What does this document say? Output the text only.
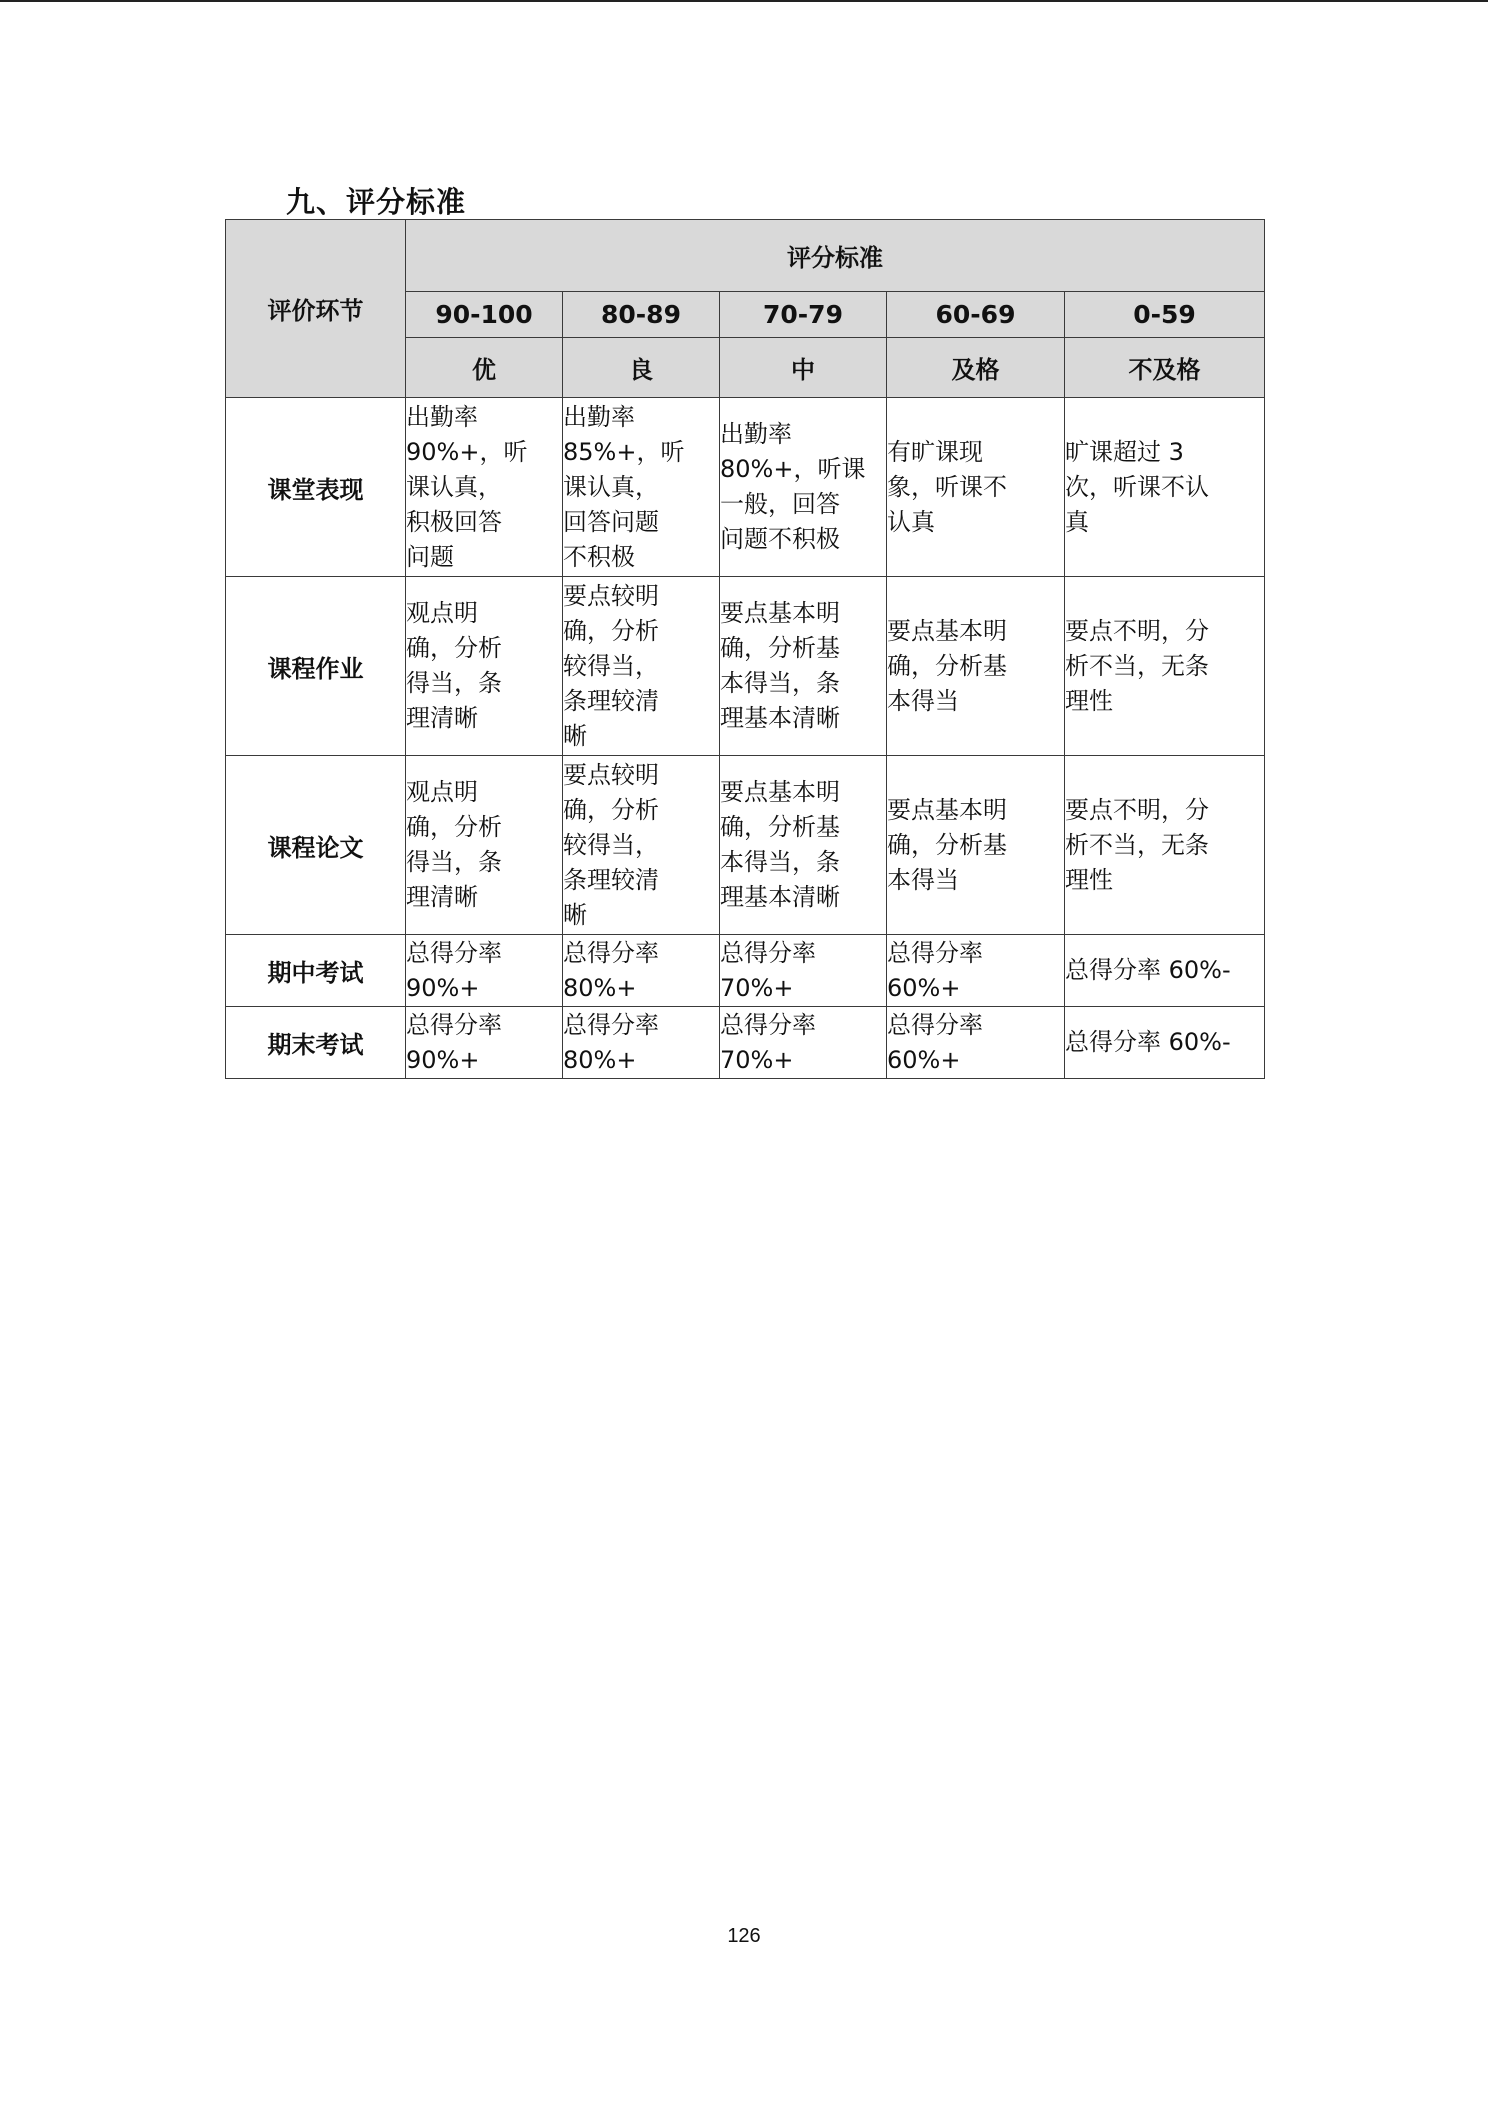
九、评分标准
评价环节	评分标准				
	90-100	80-89	70-79	60-69	0-59
	优	良	中	及格	不及格
课堂表现	出勤率
90%+，听
课认真，
积极回答
问题	出勤率
85%+，听
课认真，
回答问题
不积极	出勤率
80%+，听课
一般，回答
问题不积极	有旷课现
象，听课不
认真	旷课超过 3
次，听课不认
真

课程作业	观点明
确，分析
得当，条
理清晰	要点较明
确，分析
较得当，
条理较清
晰	要点基本明
确，分析基
本得当，条
理基本清晰	要点基本明
确，分析基
本得当	要点不明，分
析不当，无条
理性

课程论文	观点明
确，分析
得当，条
理清晰	要点较明
确，分析
较得当，
条理较清
晰	要点基本明
确，分析基
本得当，条
理基本清晰	要点基本明
确，分析基
本得当	要点不明，分
析不当，无条
理性

期中考试	总得分率
90%+	总得分率
80%+	总得分率
70%+	总得分率
60%+	总得分率 60%-

期末考试	总得分率
90%+	总得分率
80%+	总得分率
70%+	总得分率
60%+	总得分率 60%-
126
